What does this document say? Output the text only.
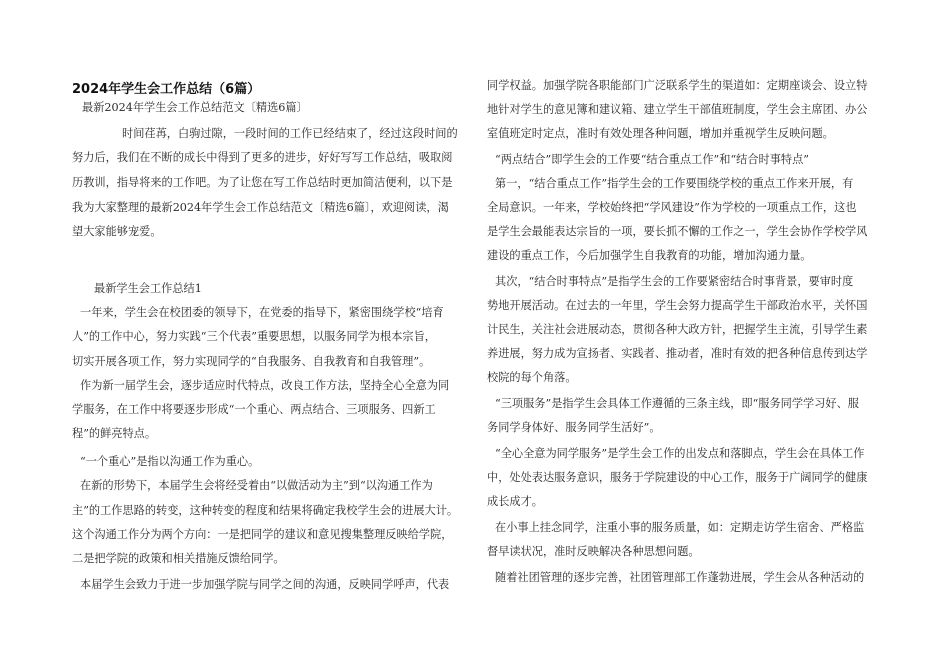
2024年学生会工作总结（6篇）
最新2024年学生会工作总结范文〔精选6篇〕
时间荏苒，白驹过隙，一段时间的工作已经结束了，经过这段时间的
努力后，我们在不断的成长中得到了更多的进步，好好写写工作总结，吸取阅
历教训，指导将来的工作吧。为了让您在写工作总结时更加简洁便利，以下是
我为大家整理的最新2024年学生会工作总结范文〔精选6篇〕，欢迎阅读，渴
望大家能够宠爱。
最新学生会工作总结1
一年来，学生会在校团委的领导下，在党委的指导下，紧密围绕学校“培育
人”的工作中心，努力实践“三个代表”重要思想，以服务同学为根本宗旨，
切实开展各项工作，努力实现同学的“自我服务、自我教育和自我管理”。
作为新一届学生会，逐步适应时代特点，改良工作方法，坚持全心全意为同
学服务，在工作中将要逐步形成“一个重心、两点结合、三项服务、四新工
程”的鲜亮特点。
“一个重心”是指以沟通工作为重心。
在新的形势下，本届学生会将经受着由“以做活动为主”到“以沟通工作为
主”的工作思路的转变，这种转变的程度和结果将确定我校学生会的进展大计。
这个沟通工作分为两个方向：一是把同学的建议和意见搜集整理反映给学院，
二是把学院的政策和相关措施反馈给同学。
本届学生会致力于进一步加强学院与同学之间的沟通，反映同学呼声，代表
同学权益。加强学院各职能部门广泛联系学生的渠道如：定期座谈会、设立特
地针对学生的意见簿和建议箱、建立学生干部值班制度，学生会主席团、办公
室值班定时定点，准时有效处理各种问题，增加并重视学生反映问题。
“两点结合”即学生会的工作要“结合重点工作”和“结合时事特点”
第一，“结合重点工作”指学生会的工作要围绕学校的重点工作来开展，有
全局意识。一年来，学校始终把“学风建设”作为学校的一项重点工作，这也
是学生会最能表达宗旨的一项，要长抓不懈的工作之一，学生会协作学校学风
建设的重点工作，今后加强学生自我教育的功能，增加沟通力量。
其次，“结合时事特点”是指学生会的工作要紧密结合时事背景，要审时度
势地开展活动。在过去的一年里，学生会努力提高学生干部政治水平，关怀国
计民生，关注社会进展动态，贯彻各种大政方针，把握学生主流，引导学生素
养进展，努力成为宣扬者、实践者、推动者，准时有效的把各种信息传到达学
校院的每个角落。
“三项服务”是指学生会具体工作遵循的三条主线，即“服务同学学习好、服
务同学身体好、服务同学生活好”。
“全心全意为同学服务”是学生会工作的出发点和落脚点，学生会在具体工作
中，处处表达服务意识，服务于学院建设的中心工作，服务于广阔同学的健康
成长成才。
在小事上挂念同学，注重小事的服务质量，如：定期走访学生宿舍、严格监
督早读状况，准时反映解决各种思想问题。
随着社团管理的逐步完善，社团管理部工作蓬勃进展，学生会从各种活动的
